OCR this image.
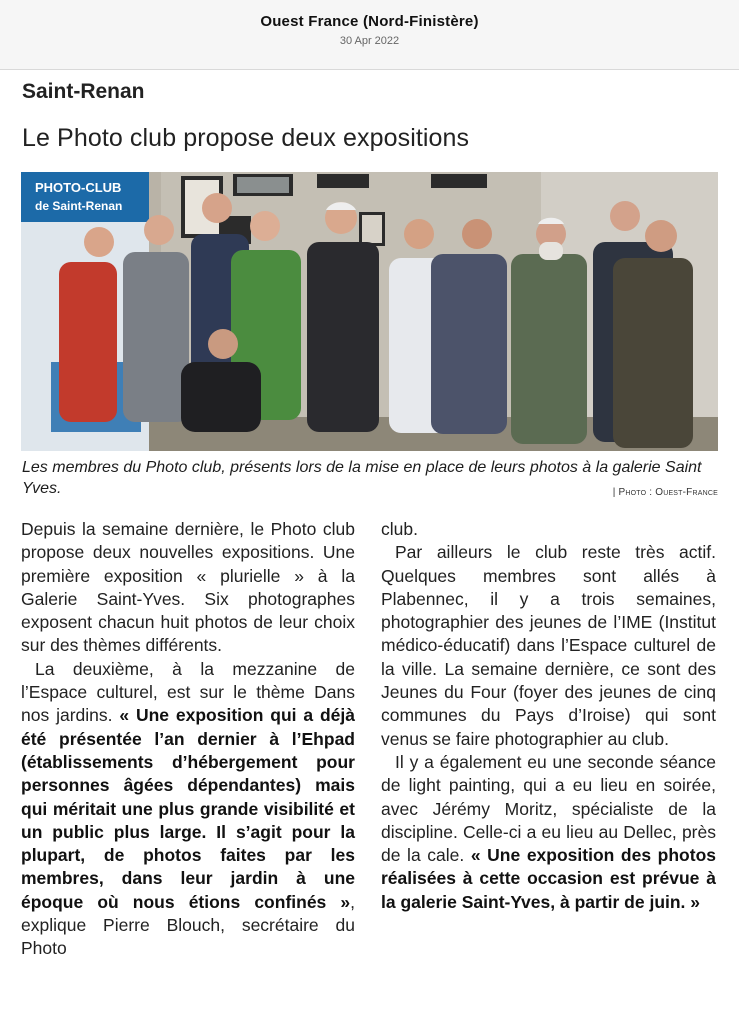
Ouest France (Nord-Finistère)
30 Apr 2022
Saint-Renan
Le Photo club propose deux expositions
PHOTO-CLUB
de Saint-Renan
Les membres du Photo club, présents lors de la mise en place de leurs photos à la galerie Saint Yves.	| Photo : Ouest-France

Depuis la semaine dernière, le Photo club propose deux nouvelles expositions. Une première exposition « plurielle » à la Galerie Saint-Yves. Six photographes exposent chacun huit photos de leur choix sur des thèmes différents.

La deuxième, à la mezzanine de l’Espace culturel, est sur le thème Dans nos jardins. « Une exposition qui a déjà été présentée l’an dernier à l’Ehpad (établissements d’hébergement pour personnes âgées dépendantes) mais qui méritait une plus grande visibilité et un public plus large. Il s’agit pour la plupart, de photos faites par les membres, dans leur jardin à une époque où nous étions confinés », explique Pierre Blouch, secrétaire du Photo

club.

Par ailleurs le club reste très actif. Quelques membres sont allés à Plabennec, il y a trois semaines, photographier des jeunes de l’IME (Institut médico-éducatif) dans l’Espace culturel de la ville. La semaine dernière, ce sont des Jeunes du Four (foyer des jeunes de cinq communes du Pays d’Iroise) qui sont venus se faire photographier au club.

Il y a également eu une seconde séance de light painting, qui a eu lieu en soirée, avec Jérémy Moritz, spécialiste de la discipline. Celle-ci a eu lieu au Dellec, près de la cale. « Une exposition des photos réalisées à cette occasion est prévue à la galerie Saint-Yves, à partir de juin. »
